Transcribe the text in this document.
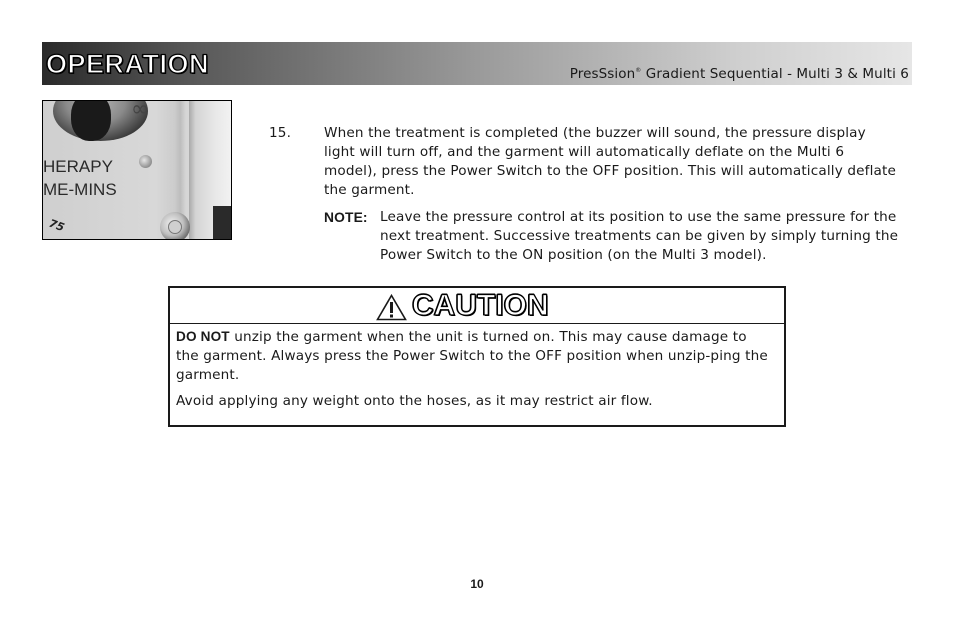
OPERATION	PresSsion® Gradient Sequential - Multi 3 & Multi 6
∞
HERAPY
ME-MINS
75
15. When the treatment is completed (the buzzer will sound, the pressure display light will turn off, and the garment will automatically deflate on the Multi 6 model), press the Power Switch to the OFF position. This will automatically deflate the garment.
NOTE: Leave the pressure control at its position to use the same pressure for the next treatment. Successive treatments can be given by simply turning the Power Switch to the ON position (on the Multi 3 model).
CAUTION
DO NOT unzip the garment when the unit is turned on. This may cause damage to the garment. Always press the Power Switch to the OFF position when unzip-ping the garment.
Avoid applying any weight onto the hoses, as it may restrict air flow.
10
